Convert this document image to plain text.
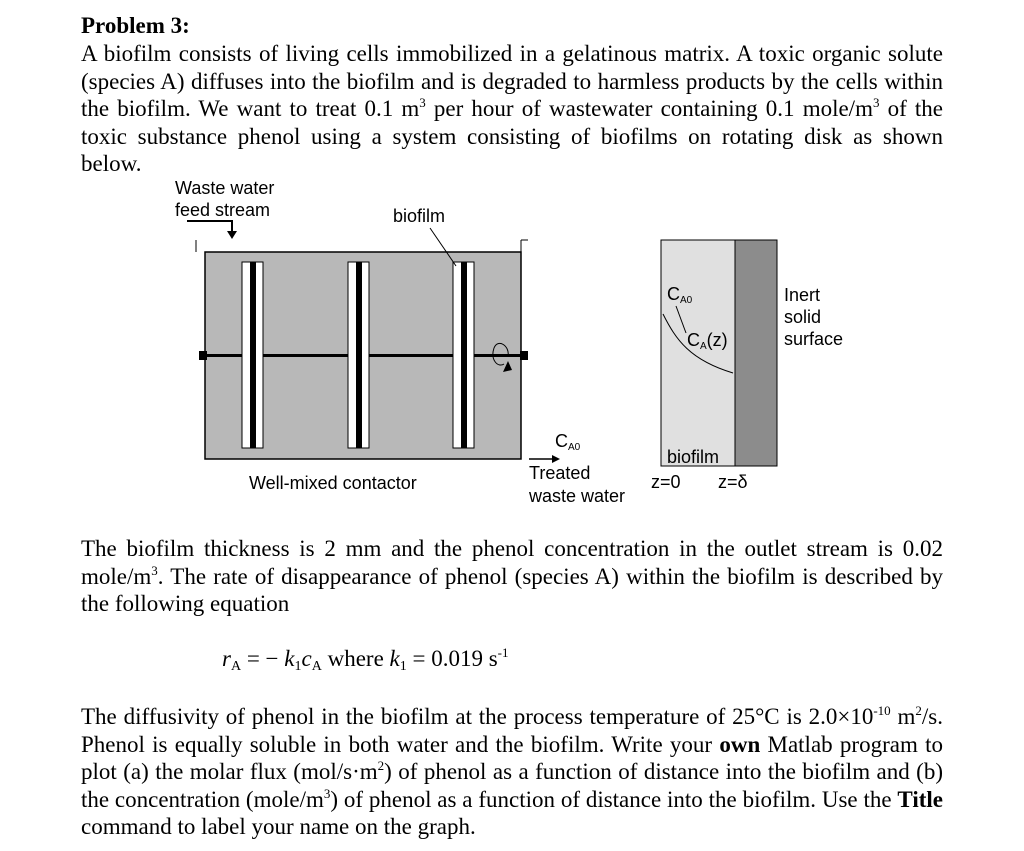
Problem 3:

A biofilm consists of living cells immobilized in a gelatinous matrix. A toxic organic solute (species A) diffuses into the biofilm and is degraded to harmless products by the cells within the biofilm. We want to treat 0.1 $m^3$ per hour of wastewater containing 0.1 mole/$m^3$ of the toxic substance phenol using a system consisting of biofilms on rotating disk as shown below.

Waste water
feed stream	biofilm
Well-mixed contactor
CA0
Treated
waste water
CA0
CA(z)
Inert
solid
surface
biofilm
z=0 z=δ

The biofilm thickness is 2 mm and the phenol concentration in the outlet stream is 0.02 mole/$m^3$. The rate of disappearance of phenol (species A) within the biofilm is described by the following equation

$r_A$ = − $k_1c_A$ where $k_1 = 0.019$ $s^{-1}$

The diffusivity of phenol in the biofilm at the process temperature of 25°C is $2.0\times 10^{-10}$ $m^2/s$. Phenol is equally soluble in both water and the biofilm. Write your own Matlab program to plot (a) the molar flux $(mol/s\cdot m^2)$ of phenol as a function of distance into the biofilm and (b) the concentration $(mole/m^3)$ of phenol as a function of distance into the biofilm. Use the Title command to label your name on the graph.
